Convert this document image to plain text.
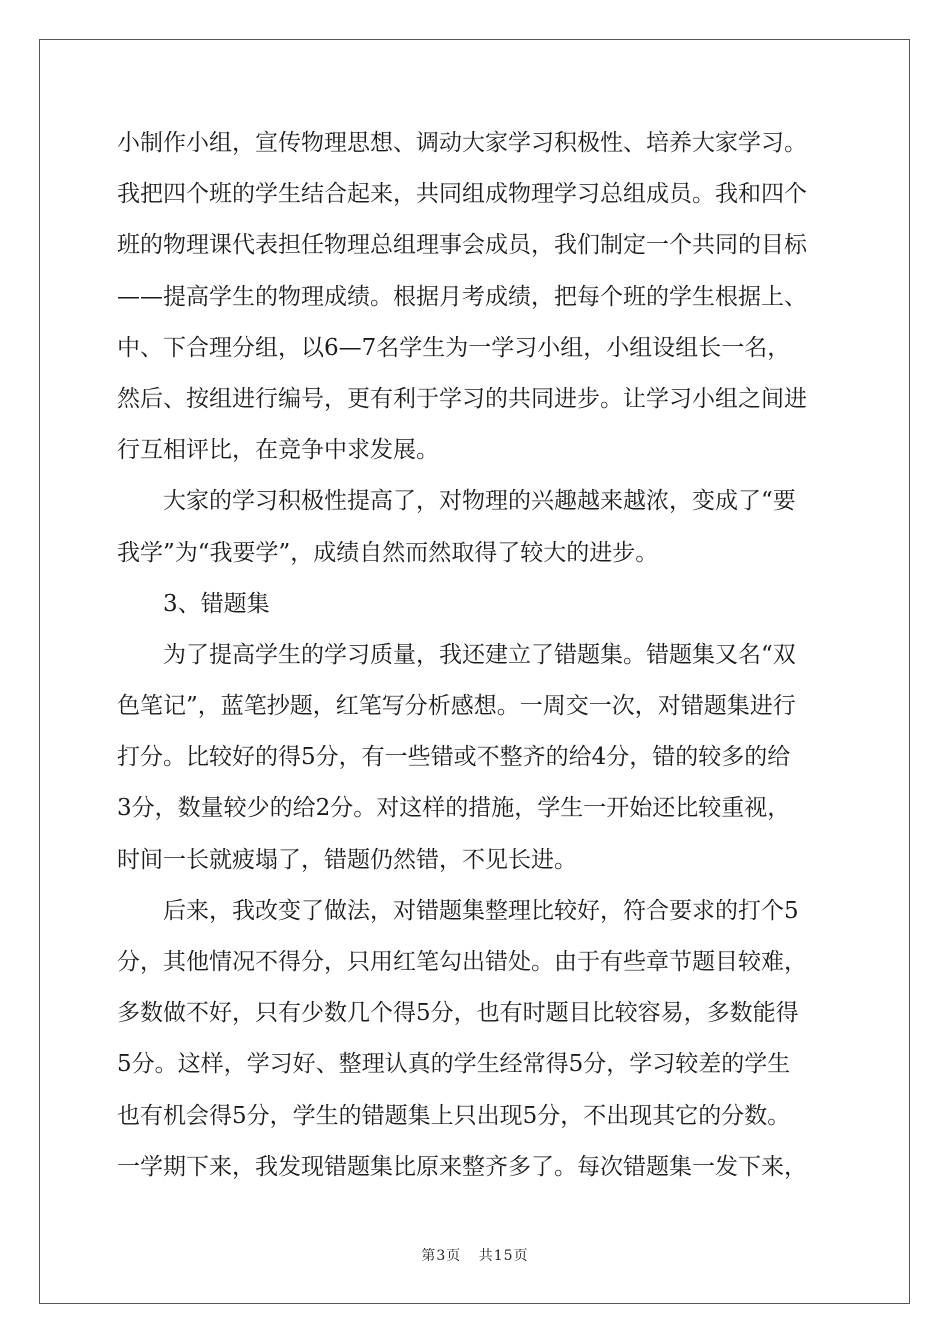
小制作小组，宣传物理思想、调动大家学习积极性、培养大家学习。
我把四个班的学生结合起来，共同组成物理学习总组成员。我和四个
班的物理课代表担任物理总组理事会成员，我们制定一个共同的目标
——提高学生的物理成绩。根据月考成绩，把每个班的学生根据上、
中、下合理分组，以6—7名学生为一学习小组，小组设组长一名，
然后、按组进行编号，更有利于学习的共同进步。让学习小组之间进
行互相评比，在竞争中求发展。
大家的学习积极性提高了，对物理的兴趣越来越浓，变成了“要
我学”为“我要学”，成绩自然而然取得了较大的进步。
3、错题集
为了提高学生的学习质量，我还建立了错题集。错题集又名“双
色笔记”，蓝笔抄题，红笔写分析感想。一周交一次，对错题集进行
打分。比较好的得5分，有一些错或不整齐的给4分，错的较多的给
3分，数量较少的给2分。对这样的措施，学生一开始还比较重视，
时间一长就疲塌了，错题仍然错，不见长进。
后来，我改变了做法，对错题集整理比较好，符合要求的打个5
分，其他情况不得分，只用红笔勾出错处。由于有些章节题目较难，
多数做不好，只有少数几个得5分，也有时题目比较容易，多数能得
5分。这样，学习好、整理认真的学生经常得5分，学习较差的学生
也有机会得5分，学生的错题集上只出现5分，不出现其它的分数。
一学期下来，我发现错题集比原来整齐多了。每次错题集一发下来，
第3页 共15页
